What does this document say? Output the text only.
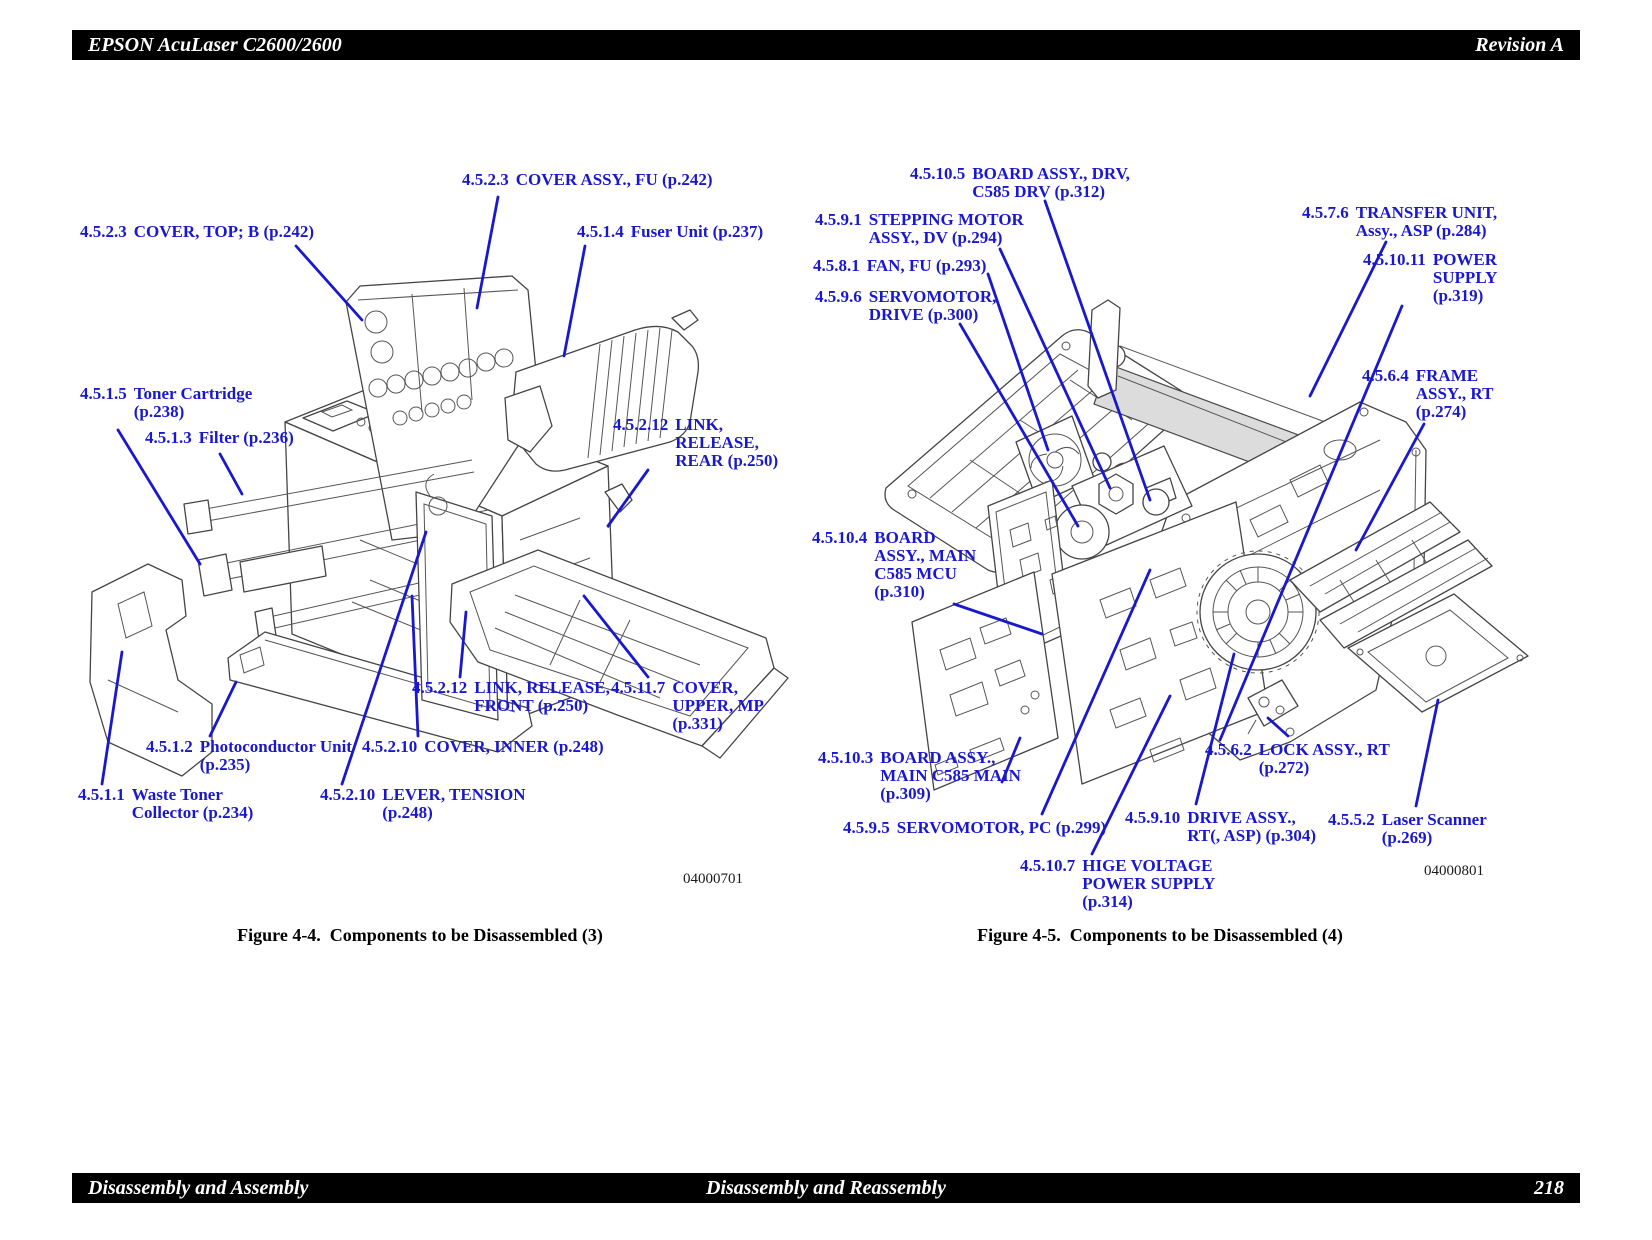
EPSON AcuLaser C2600/2600	Revision A
4.5.2.3 COVER ASSY., FU (p.242)
4.5.2.3 COVER, TOP; B (p.242)	4.5.1.4 Fuser Unit (p.237)
4.5.1.5 Toner Cartridge
(p.238)
4.5.1.3 Filter (p.236)
4.5.2.12 LINK,
RELEASE,
REAR (p.250)
4.5.2.12 LINK, RELEASE,
FRONT (p.250)
4.5.11.7 COVER,
UPPER, MP
(p.331)
4.5.1.2 Photoconductor Unit
(p.235)
4.5.2.10 COVER, INNER (p.248)
4.5.1.1 Waste Toner
Collector (p.234)
4.5.2.10 LEVER, TENSION
(p.248)
04000701
Figure 4-4.  Components to be Disassembled (3)
4.5.10.5 BOARD ASSY., DRV,
C585 DRV (p.312)
4.5.9.1 STEPPING MOTOR
ASSY., DV (p.294)
4.5.8.1 FAN, FU (p.293)
4.5.9.6 SERVOMOTOR,
DRIVE (p.300)
4.5.7.6 TRANSFER UNIT,
Assy., ASP (p.284)
4.5.10.11 POWER
SUPPLY
(p.319)
4.5.6.4 FRAME
ASSY., RT
(p.274)
4.5.10.4 BOARD
ASSY., MAIN
C585 MCU
(p.310)
4.5.10.3 BOARD ASSY.,
MAIN C585 MAIN
(p.309)
4.5.9.5 SERVOMOTOR, PC (p.299)
4.5.9.10 DRIVE ASSY.,
RT(, ASP) (p.304)
4.5.6.2 LOCK ASSY., RT
(p.272)
4.5.5.2 Laser Scanner
(p.269)
4.5.10.7 HIGE VOLTAGE
POWER SUPPLY
(p.314)
04000801
Figure 4-5.  Components to be Disassembled (4)
Disassembly and Reassembly
Disassembly and Assembly	218
